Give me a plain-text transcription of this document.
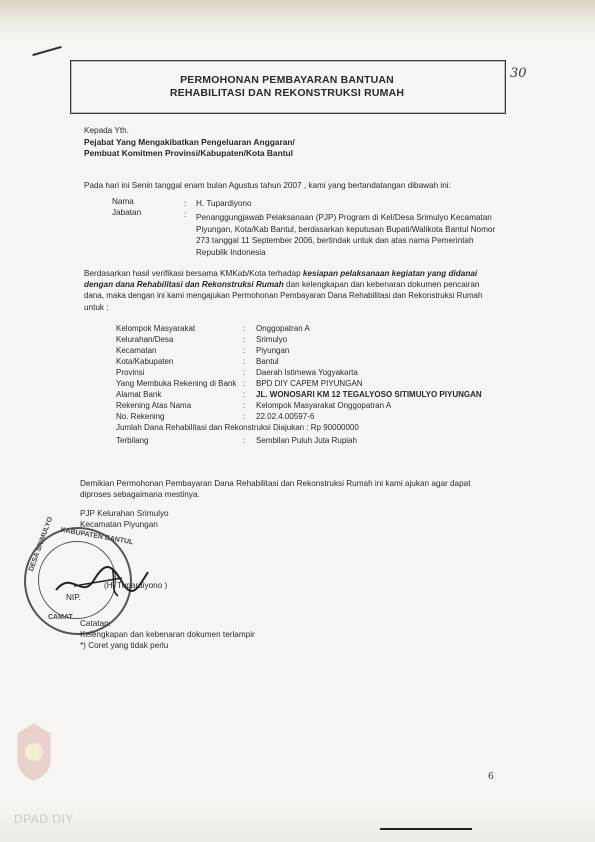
30
PERMOHONAN PEMBAYARAN BANTUAN
REHABILITASI DAN REKONSTRUKSI RUMAH
Kepada Yth.
Pejabat Yang Mengakibatkan Pengeluaran Anggaran/
Pembuat Komitmen Provinsi/Kabupaten/Kota Bantul
Pada hari ini Senin tanggal enam bulan Agustus tahun 2007 , kami yang bertandatangan dibawah ini:
Nama	: H. Tupardiyono
Jabatan	: Penanggungjawab Pelaksanaan (PJP) Program di Kel/Desa Srimulyo Kecamatan
Piyungan, Kota/Kab Bantul, berdasarkan keputusan Bupati/Walikota Bantul Nomor
273 tanggal 11 September 2006, bertindak untuk dan atas nama Pemerintah
Republik Indonesia
Berdasarkan hasil verifikasi bersama KMKab/Kota terhadap kesiapan pelaksanaan kegiatan yang didanai
dengan dana Rehabilitasi dan Rekonstruksi Rumah dan kelengkapan dan kebenaran dokumen pencairan
dana, maka dengan ini kami mengajukan Permohonan Pembayaran Dana Rehabilitasi dan Rekonstruksi Rumah
untuk :
Kelompok Masyarakat	: Onggopatran A
Kelurahan/Desa	: Srimulyo
Kecamatan	: Piyungan
Kota/Kabupaten	: Bantul
Provinsi	: Daerah Istimewa Yogyakarta
Yang Membuka Rekening di Bank : BPD DIY CAPEM PIYUNGAN
Alamat Bank	: JL. WONOSARI KM 12 TEGALYOSO SITIMULYO PIYUNGAN
Rekening Atas Nama	: Kelompok Masyarakat Onggopatran A
No. Rekening	: 22.02.4.00597-6
Jumlah Dana Rehabilitasi dan Rekonstruksi Diajukan : Rp 90000000
Terbilang	: Sembilan Puluh Juta Rupiah
Demikian Permohonan Pembayaran Dana Rehabilitasi dan Rekonstruksi Rumah ini kami ajukan agar dapat
diproses sebagaimana mestinya.
PJP Kelurahan Srimulyo
Kecamatan Piyungan
KABUPATEN BANTUL
DESA SRIMULYO
CAMAT
(H. Tupardiyono )
NIP.
Catatan:
Kelengkapan dan kebenaran dokumen terlampir
*) Coret yang tidak perlu
6
DPAD DIY
